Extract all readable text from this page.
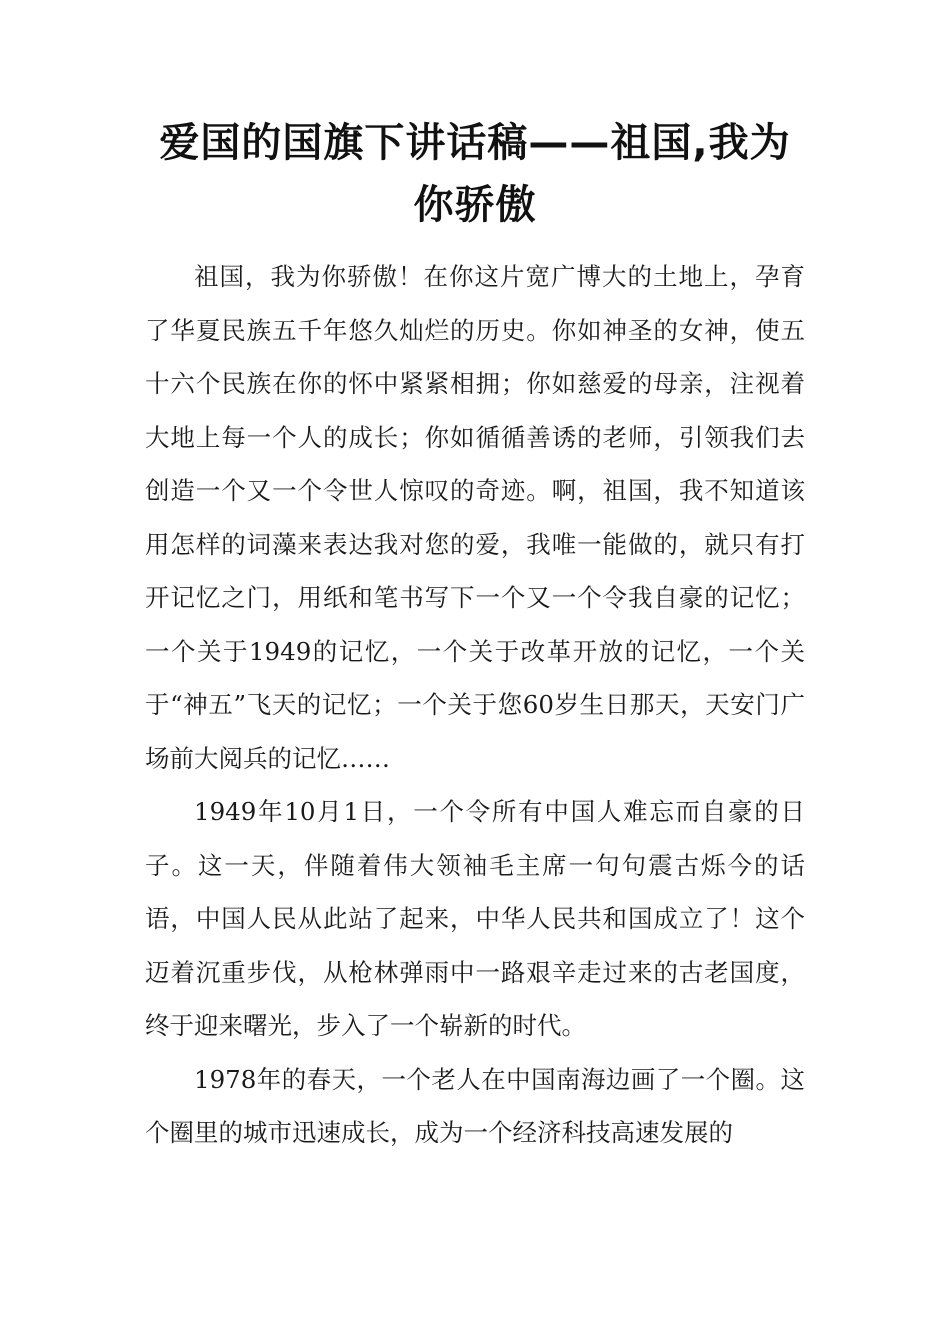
爱国的国旗下讲话稿——祖国,我为你骄傲

祖国，我为你骄傲！在你这片宽广博大的土地上，孕育了华夏民族五千年悠久灿烂的历史。你如神圣的女神，使五十六个民族在你的怀中紧紧相拥；你如慈爱的母亲，注视着大地上每一个人的成长；你如循循善诱的老师，引领我们去创造一个又一个令世人惊叹的奇迹。啊，祖国，我不知道该用怎样的词藻来表达我对您的爱，我唯一能做的，就只有打开记忆之门，用纸和笔书写下一个又一个令我自豪的记忆；一个关于1949的记忆，一个关于改革开放的记忆，一个关于“神五”飞天的记忆；一个关于您60岁生日那天，天安门广场前大阅兵的记忆……

1949年10月1日，一个令所有中国人难忘而自豪的日子。这一天，伴随着伟大领袖毛主席一句句震古烁今的话语，中国人民从此站了起来，中华人民共和国成立了！这个迈着沉重步伐，从枪林弹雨中一路艰辛走过来的古老国度，终于迎来曙光，步入了一个崭新的时代。

1978年的春天，一个老人在中国南海边画了一个圈。这个圈里的城市迅速成长，成为一个经济科技高速发展的
